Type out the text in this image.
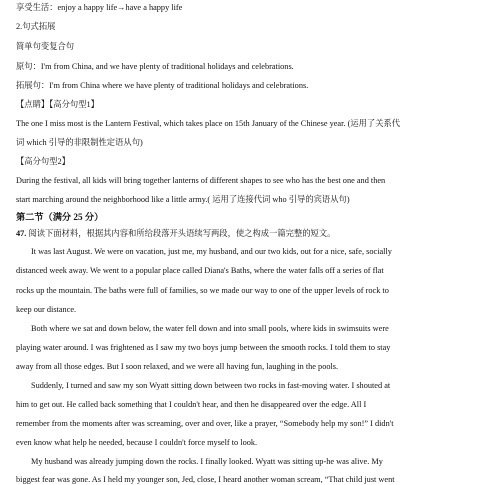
享受生活：enjoy a happy life→have a happy life
2.句式拓展
简单句变复合句
原句：I'm from China, and we have plenty of traditional holidays and celebrations.
拓展句：I'm from China where we have plenty of traditional holidays and celebrations.
【点睛】【高分句型1】
The one I miss most is the Lantern Festival, which takes place on 15th January of the Chinese year. (运用了关系代
词 which 引导的非限制性定语从句)
【高分句型2】
During the festival, all kids will bring together lanterns of different shapes to see who has the best one and then
start marching around the neighborhood like a little army.( 运用了连接代词 who 引导的宾语从句)
第二节（满分 25 分）
47. 阅读下面材料，根据其内容和所给段落开头语续写两段，使之构成一篇完整的短文。
It was last August. We were on vacation, just me, my husband, and our two kids, out for a nice, safe, socially
distanced week away. We went to a popular place called Diana's Baths, where the water falls off a series of flat
rocks up the mountain. The baths were full of families, so we made our way to one of the upper levels of rock to
keep our distance.
Both where we sat and down below, the water fell down and into small pools, where kids in swimsuits were
playing water around. I was frightened as I saw my two boys jump between the smooth rocks. I told them to stay
away from all those edges. But I soon relaxed, and we were all having fun, laughing in the pools.
Suddenly, I turned and saw my son Wyatt sitting down between two rocks in fast-moving water. I shouted at
him to get out. He called back something that I couldn't hear, and then he disappeared over the edge. All I
remember from the moments after was screaming, over and over, like a prayer, “Somebody help my son!” I didn't
even know what help he needed, because I couldn't force myself to look.
My husband was already jumping down the rocks. I finally looked. Wyatt was sitting up-he was alive. My
biggest fear was gone. As I held my younger son, Jed, close, I heard another woman scream, “That child just went
